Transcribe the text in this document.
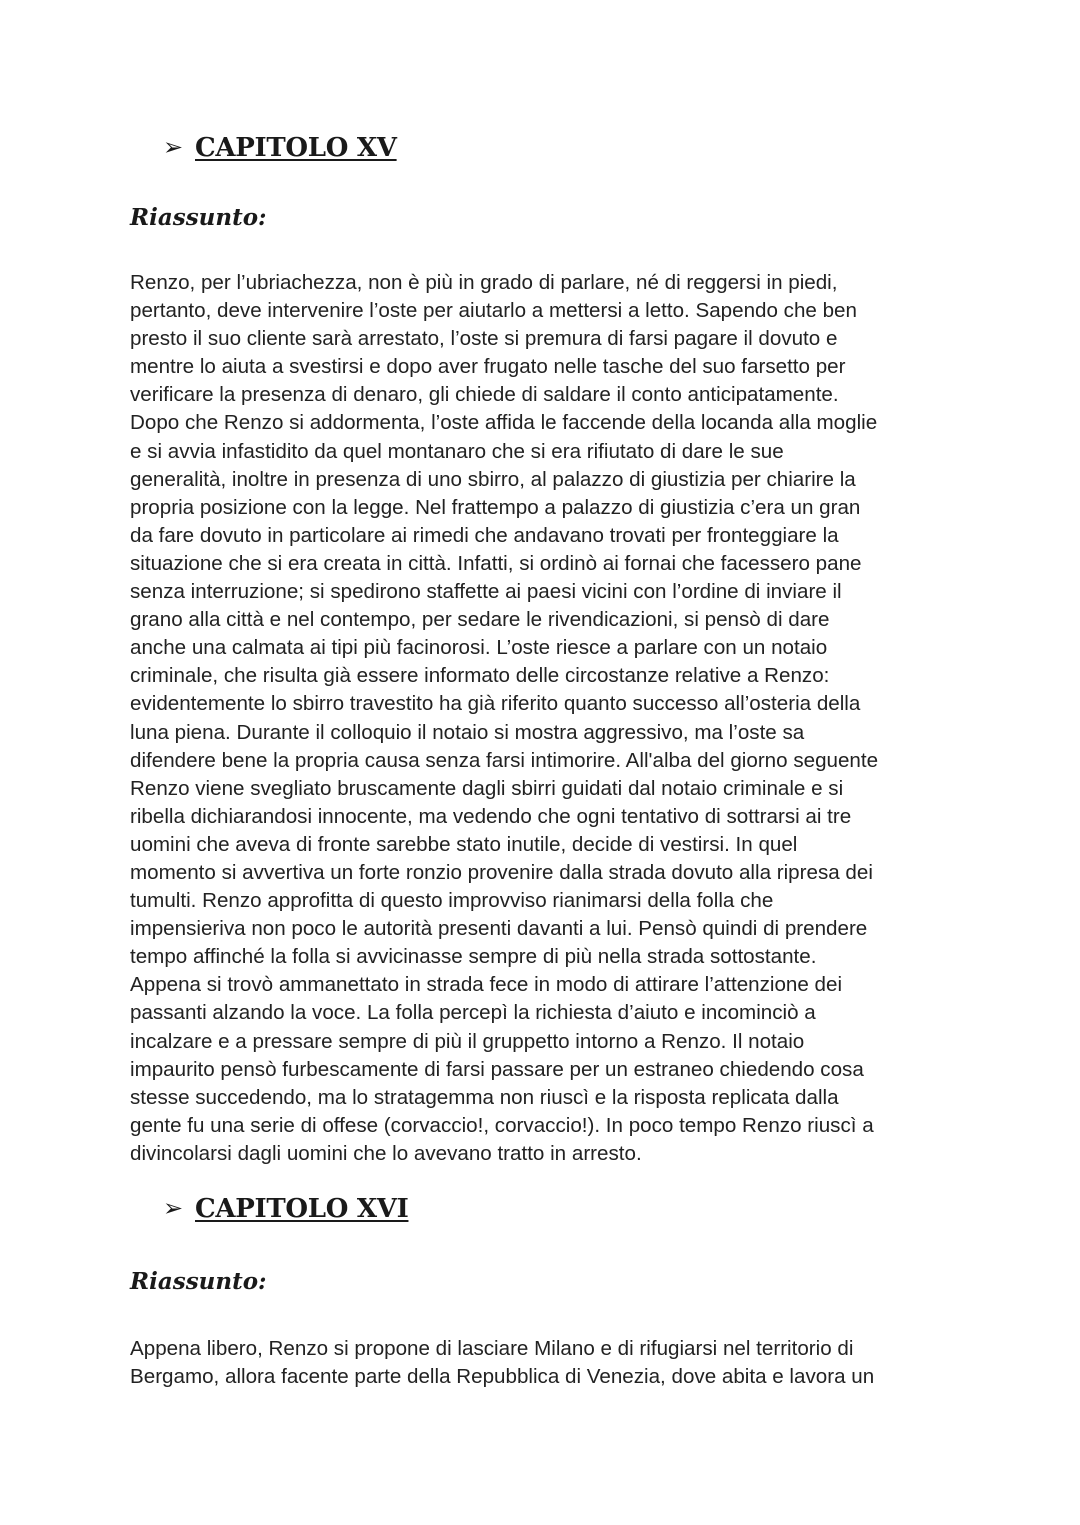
➢ CAPITOLO XV
Riassunto:
Renzo, per l’ubriachezza, non è più in grado di parlare, né di reggersi in piedi,
pertanto, deve intervenire l’oste per aiutarlo a mettersi a letto. Sapendo che ben
presto il suo cliente sarà arrestato, l’oste si premura di farsi pagare il dovuto e
mentre lo aiuta a svestirsi e dopo aver frugato nelle tasche del suo farsetto per
verificare la presenza di denaro, gli chiede di saldare il conto anticipatamente.
Dopo che Renzo si addormenta, l’oste affida le faccende della locanda alla moglie
e si avvia infastidito da quel montanaro che si era rifiutato di dare le sue
generalità, inoltre in presenza di uno sbirro, al palazzo di giustizia per chiarire la
propria posizione con la legge. Nel frattempo a palazzo di giustizia c’era un gran
da fare dovuto in particolare ai rimedi che andavano trovati per fronteggiare la
situazione che si era creata in città. Infatti, si ordinò ai fornai che facessero pane
senza interruzione; si spedirono staffette ai paesi vicini con l’ordine di inviare il
grano alla città e nel contempo, per sedare le rivendicazioni, si pensò di dare
anche una calmata ai tipi più facinorosi. L’oste riesce a parlare con un notaio
criminale, che risulta già essere informato delle circostanze relative a Renzo:
evidentemente lo sbirro travestito ha già riferito quanto successo all’osteria della
luna piena. Durante il colloquio il notaio si mostra aggressivo, ma l’oste sa
difendere bene la propria causa senza farsi intimorire. All'alba del giorno seguente
Renzo viene svegliato bruscamente dagli sbirri guidati dal notaio criminale e si
ribella dichiarandosi innocente, ma vedendo che ogni tentativo di sottrarsi ai tre
uomini che aveva di fronte sarebbe stato inutile, decide di vestirsi. In quel
momento si avvertiva un forte ronzio provenire dalla strada dovuto alla ripresa dei
tumulti. Renzo approfitta di questo improvviso rianimarsi della folla che
impensieriva non poco le autorità presenti davanti a lui. Pensò quindi di prendere
tempo affinché la folla si avvicinasse sempre di più nella strada sottostante.
Appena si trovò ammanettato in strada fece in modo di attirare l’attenzione dei
passanti alzando la voce. La folla percepì la richiesta d’aiuto e incominciò a
incalzare e a pressare sempre di più il gruppetto intorno a Renzo. Il notaio
impaurito pensò furbescamente di farsi passare per un estraneo chiedendo cosa
stesse succedendo, ma lo stratagemma non riuscì e la risposta replicata dalla
gente fu una serie di offese (corvaccio!, corvaccio!). In poco tempo Renzo riuscì a
divincolarsi dagli uomini che lo avevano tratto in arresto.
➢ CAPITOLO XVI
Riassunto:
Appena libero, Renzo si propone di lasciare Milano e di rifugiarsi nel territorio di
Bergamo, allora facente parte della Repubblica di Venezia, dove abita e lavora un
